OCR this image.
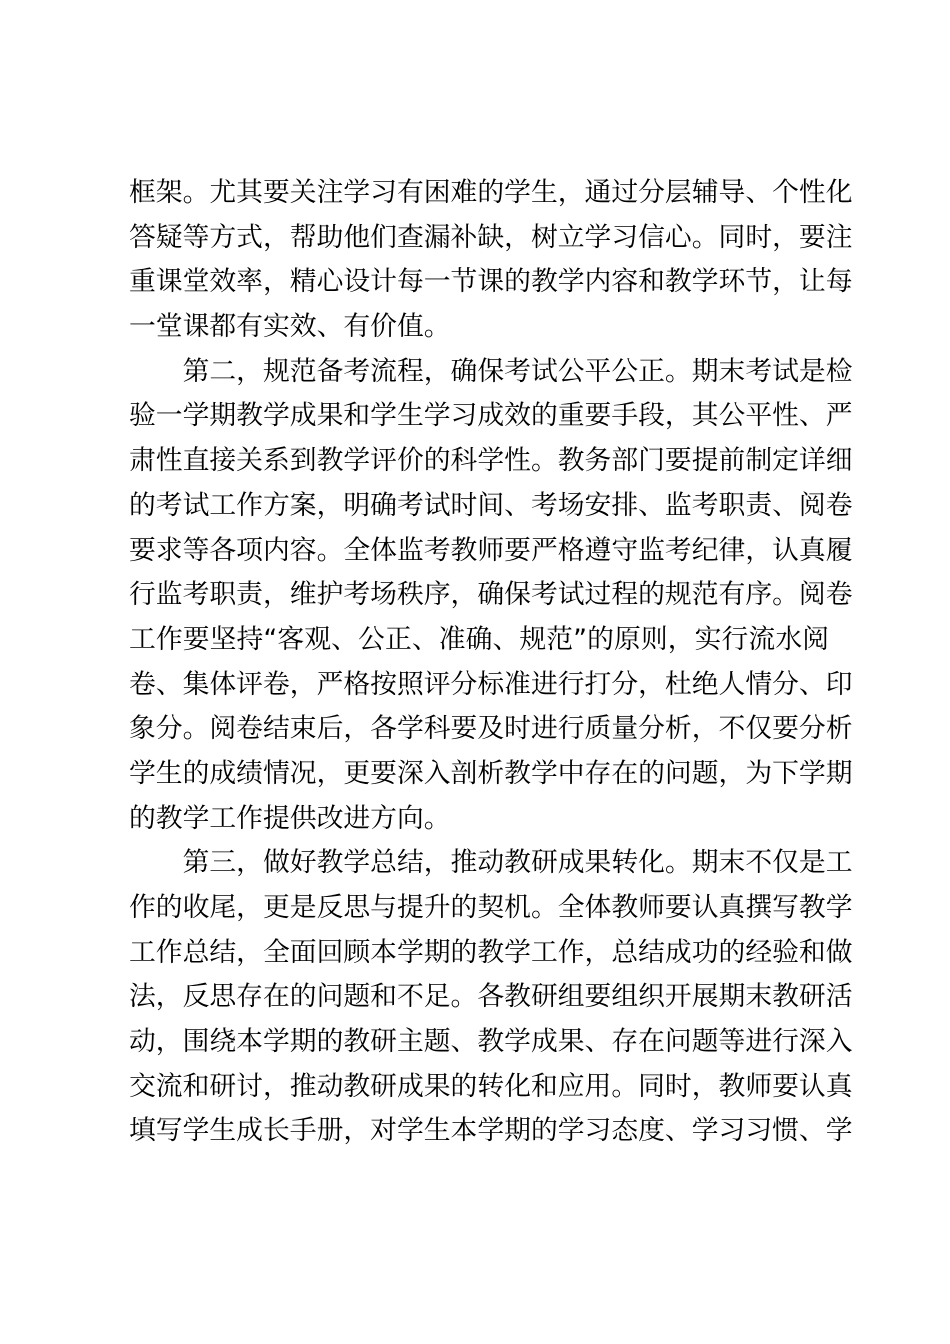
框架。尤其要关注学习有困难的学生，通过分层辅导、个性化
答疑等方式，帮助他们查漏补缺，树立学习信心。同时，要注
重课堂效率，精心设计每一节课的教学内容和教学环节，让每
一堂课都有实效、有价值。
第二，规范备考流程，确保考试公平公正。期末考试是检
验一学期教学成果和学生学习成效的重要手段，其公平性、严
肃性直接关系到教学评价的科学性。教务部门要提前制定详细
的考试工作方案，明确考试时间、考场安排、监考职责、阅卷
要求等各项内容。全体监考教师要严格遵守监考纪律，认真履
行监考职责，维护考场秩序，确保考试过程的规范有序。阅卷
工作要坚持“客观、公正、准确、规范”的原则，实行流水阅
卷、集体评卷，严格按照评分标准进行打分，杜绝人情分、印
象分。阅卷结束后，各学科要及时进行质量分析，不仅要分析
学生的成绩情况，更要深入剖析教学中存在的问题，为下学期
的教学工作提供改进方向。
第三，做好教学总结，推动教研成果转化。期末不仅是工
作的收尾，更是反思与提升的契机。全体教师要认真撰写教学
工作总结，全面回顾本学期的教学工作，总结成功的经验和做
法，反思存在的问题和不足。各教研组要组织开展期末教研活
动，围绕本学期的教研主题、教学成果、存在问题等进行深入
交流和研讨，推动教研成果的转化和应用。同时，教师要认真
填写学生成长手册，对学生本学期的学习态度、学习习惯、学
